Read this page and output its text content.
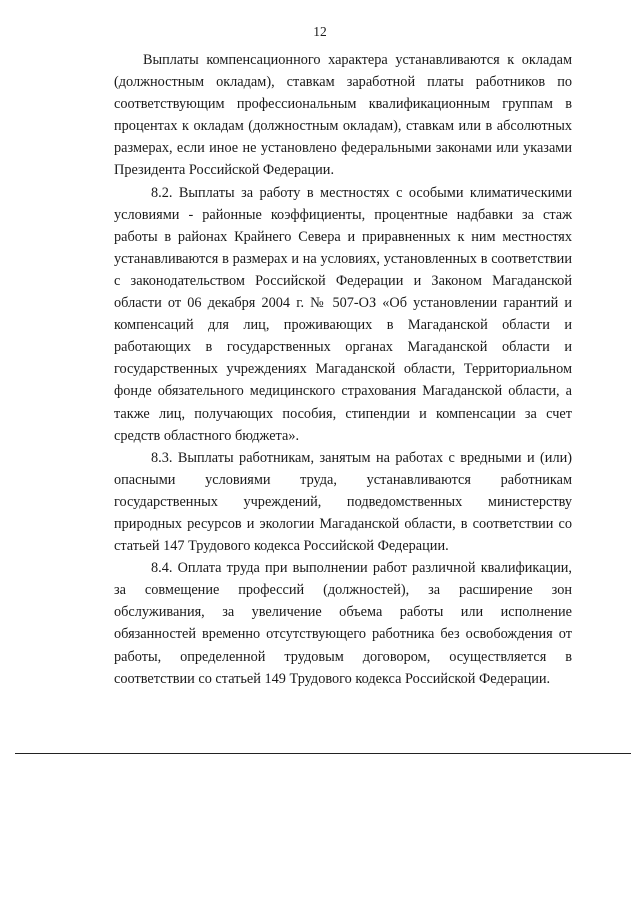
12

Выплаты компенсационного характера устанавливаются к окладам (должностным окладам), ставкам заработной платы работников по соответствующим профессиональным квалификационным группам в процентах к окладам (должностным окладам), ставкам или в абсолютных размерах, если иное не установлено федеральными законами или указами Президента Российской Федерации.

8.2. Выплаты за работу в местностях с особыми климатическими условиями - районные коэффициенты, процентные надбавки за стаж работы в районах Крайнего Севера и приравненных к ним местностях устанавливаются в размерах и на условиях, установленных в соответствии с законодательством Российской Федерации и Законом Магаданской области от 06 декабря 2004 г. № 507-ОЗ «Об установлении гарантий и компенсаций для лиц, проживающих в Магаданской области и работающих в государственных органах Магаданской области и государственных учреждениях Магаданской области, Территориальном фонде обязательного медицинского страхования Магаданской области, а также лиц, получающих пособия, стипендии и компенсации за счет средств областного бюджета».

8.3. Выплаты работникам, занятым на работах с вредными и (или) опасными условиями труда, устанавливаются работникам государственных учреждений, подведомственных министерству природных ресурсов и экологии Магаданской области, в соответствии со статьей 147 Трудового кодекса Российской Федерации.

8.4. Оплата труда при выполнении работ различной квалификации, за совмещение профессий (должностей), за расширение зон обслуживания, за увеличение объема работы или исполнение обязанностей временно отсутствующего работника без освобождения от работы, определенной трудовым договором, осуществляется в соответствии со статьей 149 Трудового кодекса Российской Федерации.
